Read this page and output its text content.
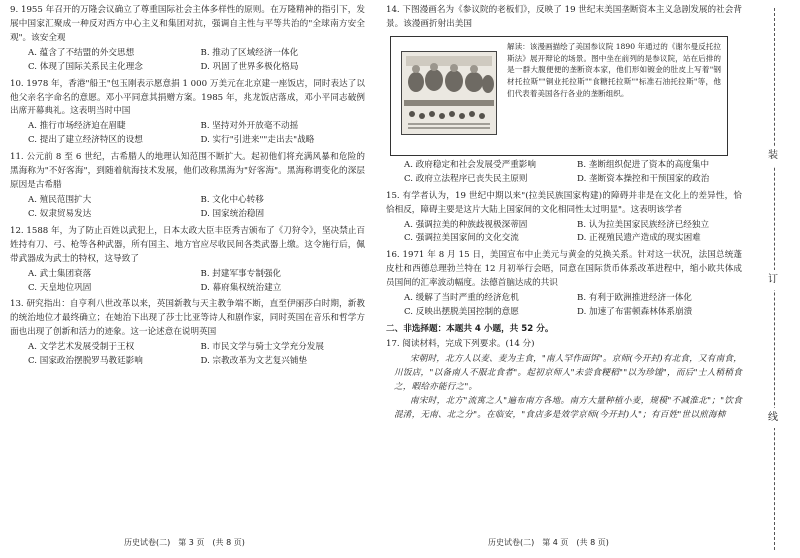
9. 1955 年召开的万隆会议确立了尊重国际社会主体多样性的原则。在万隆精神的指引下，发展中国家汇聚成一种反对西方中心主义和集团对抗，强调自主性与平等共治的"全球南方安全观"。该安全观

A. 蕴含了不结盟的外交思想	B. 推动了区域经济一体化
C. 体现了国际关系民主化理念	D. 巩固了世界多极化格局

10. 1978 年，香港"船王"包玉刚表示愿意捐 1 000 万美元在北京建一座饭店，同时表达了以他父亲名字命名的意愿。邓小平同意其捐赠方案。1985 年，兆龙饭店落成，邓小平同志破例出席开幕典礼。这表明当时中国

A. 推行市场经济迫在眉睫	B. 坚持对外开放毫不动摇
C. 提出了建立经济特区的设想	D. 实行"引进来""走出去"战略

11. 公元前 8 至 6 世纪，古希腊人的地理认知范围不断扩大。起初他们将充满风暴和危险的黑海称为"不好客海"，到随着航海技术发展，他们改称黑海为"好客海"。黑海称谓变化的深层原因是古希腊

A. 殖民范围扩大	B. 文化中心转移
C. 奴隶贸易发达	D. 国家统治稳固

12. 1588 年，为了防止百姓以武犯上，日本太政大臣丰臣秀吉颁布了《刀狩令》，坚决禁止百姓持有刀、弓、枪等各种武器，所有国主、地方官应尽收民间各类武器上缴。这令施行后，佩带武器成为武士的特权，这导致了

A. 武士集团衰落	B. 封建军事专制强化
C. 天皇地位巩固	D. 幕府集权统治建立

13. 研究指出：自亨利八世改革以来，英国新教与天主教争端不断，直至伊丽莎白时期，新教的统治地位才最终确立；在她治下出现了莎士比亚等诗人和剧作家，同时英国在音乐和哲学方面也出现了创新和活力的迹象。这一论述意在说明英国

A. 文学艺术发展受制于王权	B. 市民文学与骑士文学充分发展
C. 国家政治摆脱罗马教廷影响	D. 宗教改革为文艺复兴铺垫

14. 下图漫画名为《参议院的老板们》，反映了 19 世纪末美国垄断资本主义急剧发展的社会背景。该漫画折射出美国

解读：该漫画描绘了美国参议院 1890 年通过的《谢尔曼反托拉斯法》展开辩论的场景。图中坐在前列的是参议院，站在后排的是一群大腹便便的垄断资本家，他们形如镀金的肚皮上写着"钢材托拉斯""铜业托拉斯""食糖托拉斯""标准石油托拉斯"等，他们代表着美国各行各业的垄断组织。
A. 政府稳定和社会发展受严重影响	B. 垄断组织促进了资本的高度集中
C. 政府立法程序已丧失民主原则	D. 垄断资本操控和干预国家的政治

15. 有学者认为，19 世纪中期以来"(拉美民族国家构建)的障碍并非是在文化上的差异性，恰恰相反，障碍主要是这片大陆上国家间的文化相同性太过明显"。这表明该学者

A. 强调拉美的种族歧视极深蒂固	B. 认为拉美国家民族经济已经独立
C. 强调拉美国家间的文化交流	D. 正视殖民遗产造成的现实困难

16. 1971 年 8 月 15 日，美国宣布中止美元与黄金的兑换关系。针对这一状况，法国总统蓬皮杜和西德总理勃兰特在 12 月初举行会晤，同意在国际货币体系改革进程中，缩小欧共体成员国间的汇率波动幅度。法德首脑达成的共识

A. 缓解了当时严重的经济危机	B. 有利于欧洲推进经济一体化
C. 反映出摆脱美国控制的意愿	D. 加速了布雷顿森林体系崩溃
二、非选择题：本题共 4 小题，共 52 分。

17. 阅读材料，完成下列要求。(14 分)

宋朝时，北方人以麦、麦为主食，"南人罕作面饵"。京师(今开封)有北食，又有南食，川饭店，"以备南人不服北食者"。起初京师人"未尝食粳稻""以为珍馐"，而后"士人稍稍食之，暇给亦能行之"。

南宋时，北方"流寓之人"遍布南方各地。南方大量种植小麦，规模"不减淮北"；"饮食混淆，无南、北之分"。在临安，"食店多是效学京师(今开封)人"；有百姓"世以煎海柿

历史试卷(二)　第 3 页　(共 8 页)	历史试卷(二)　第 4 页　(共 8 页)
装
订
线
